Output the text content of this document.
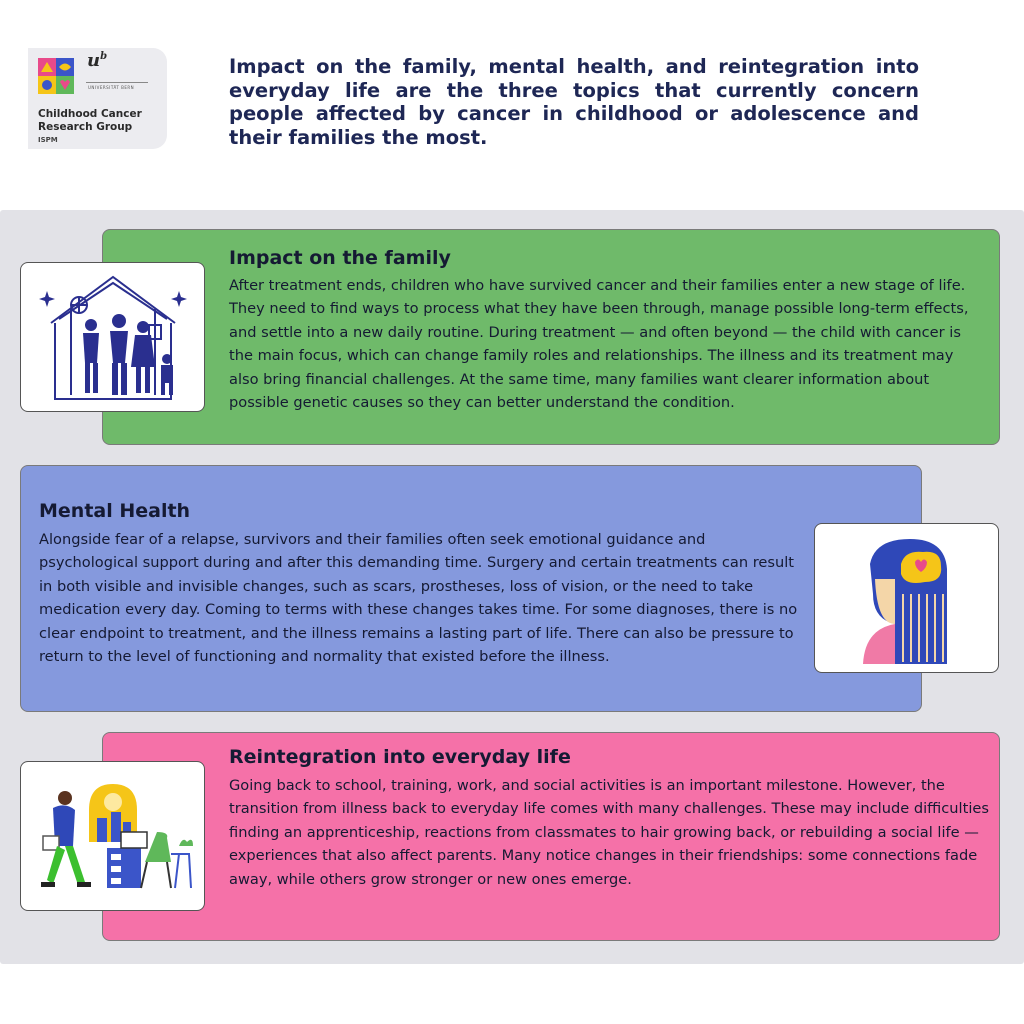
$u^b$
UNIVERSITÄT BERN
Childhood Cancer Research Group
ISPM
Impact on the family, mental health, and reintegration into everyday life are the three topics that currently concern people affected by cancer in childhood or adolescence and their families the most.
Impact on the family
After treatment ends, children who have survived cancer and their families enter a new stage of life. They need to find ways to process what they have been through, manage possible long-term effects, and settle into a new daily routine. During treatment — and often beyond — the child with cancer is the main focus, which can change family roles and relationships. The illness and its treatment may also bring financial challenges. At the same time, many families want clearer information about possible genetic causes so they can better understand the condition.
Mental Health
Alongside fear of a relapse, survivors and their families often seek emotional guidance and psychological support during and after this demanding time. Surgery and certain treatments can result in both visible and invisible changes, such as scars, prostheses, loss of vision, or the need to take medication every day. Coming to terms with these changes takes time. For some diagnoses, there is no clear endpoint to treatment, and the illness remains a lasting part of life. There can also be pressure to return to the level of functioning and normality that existed before the illness.
Reintegration into everyday life
Going back to school, training, work, and social activities is an important milestone. However, the transition from illness back to everyday life comes with many challenges. These may include difficulties finding an apprenticeship, reactions from classmates to hair growing back, or rebuilding a social life — experiences that also affect parents. Many notice changes in their friendships: some connections fade away, while others grow stronger or new ones emerge.
